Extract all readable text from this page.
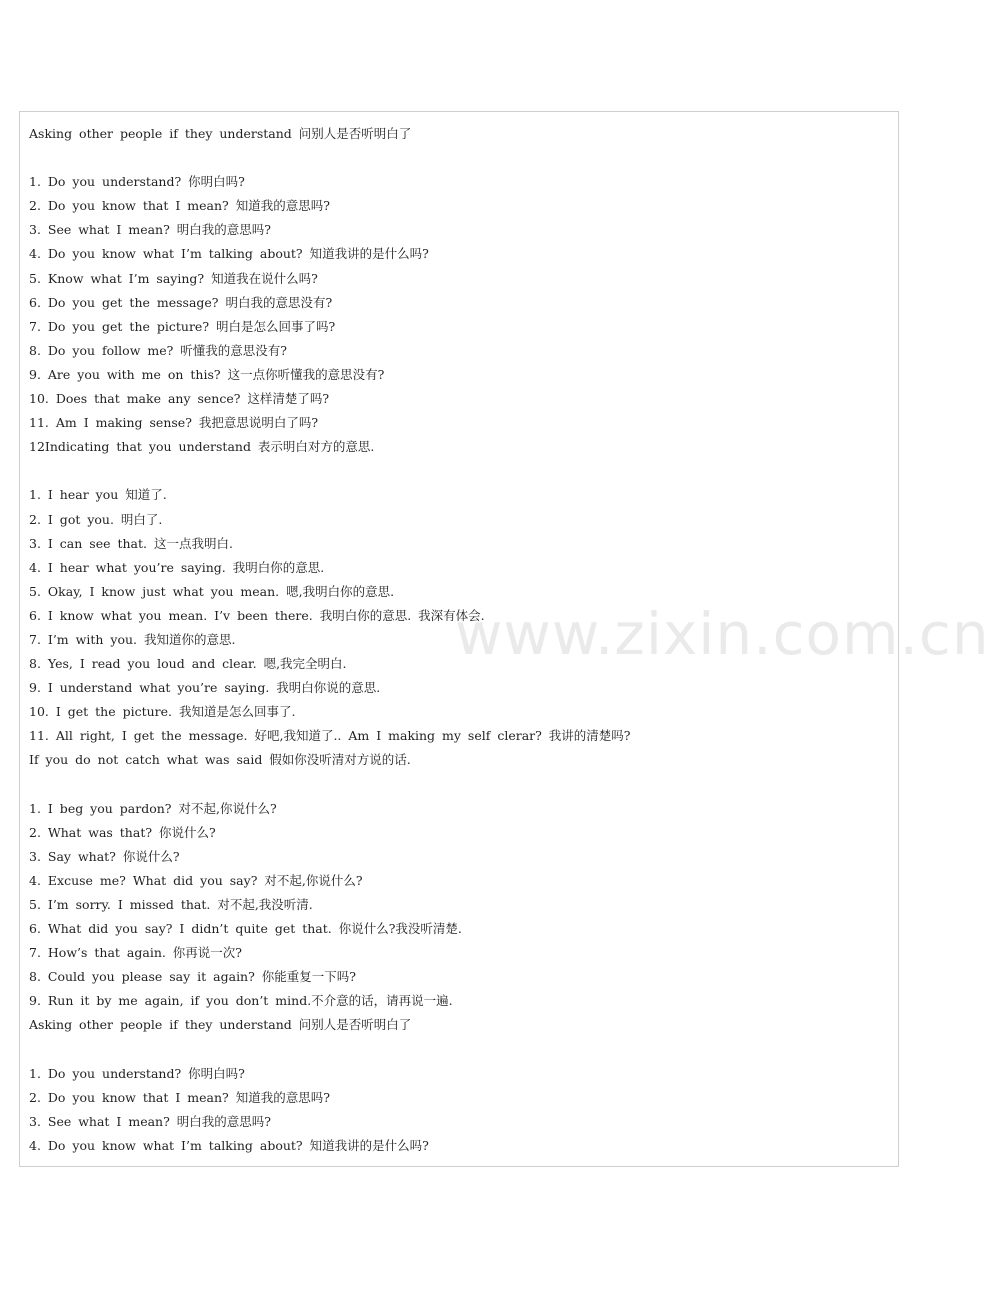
www.zixin.com.cn
Asking other people if they understand 问别人是否听明白了
1. Do you understand? 你明白吗?
2. Do you know that I mean? 知道我的意思吗?
3. See what I mean? 明白我的意思吗?
4. Do you know what I’m talking about? 知道我讲的是什么吗?
5. Know what I’m saying? 知道我在说什么吗?
6. Do you get the message? 明白我的意思没有?
7. Do you get the picture? 明白是怎么回事了吗?
8. Do you follow me? 听懂我的意思没有?
9. Are you with me on this? 这一点你听懂我的意思没有?
10. Does that make any sence? 这样清楚了吗?
11. Am I making sense? 我把意思说明白了吗?
12Indicating that you understand 表示明白对方的意思.
1. I hear you 知道了.
2. I got you. 明白了.
3. I can see that. 这一点我明白.
4. I hear what you’re saying. 我明白你的意思.
5. Okay, I know just what you mean. 嗯,我明白你的意思.
6. I know what you mean. I’v been there. 我明白你的意思. 我深有体会.
7. I’m with you. 我知道你的意思.
8. Yes, I read you loud and clear. 嗯,我完全明白.
9. I understand what you’re saying. 我明白你说的意思.
10. I get the picture. 我知道是怎么回事了.
11. All right, I get the message. 好吧,我知道了.. Am I making my self clerar? 我讲的清楚吗?
If you do not catch what was said 假如你没听清对方说的话.
1. I beg you pardon? 对不起,你说什么?
2. What was that? 你说什么?
3. Say what? 你说什么?
4. Excuse me? What did you say? 对不起,你说什么?
5. I’m sorry. I missed that. 对不起,我没听清.
6. What did you say? I didn’t quite get that. 你说什么?我没听清楚.
7. How’s that again. 你再说一次?
8. Could you please say it again? 你能重复一下吗?
9. Run it by me again, if you don’t mind.不介意的话，请再说一遍.
Asking other people if they understand 问别人是否听明白了
1. Do you understand? 你明白吗?
2. Do you know that I mean? 知道我的意思吗?
3. See what I mean? 明白我的意思吗?
4. Do you know what I’m talking about? 知道我讲的是什么吗?
